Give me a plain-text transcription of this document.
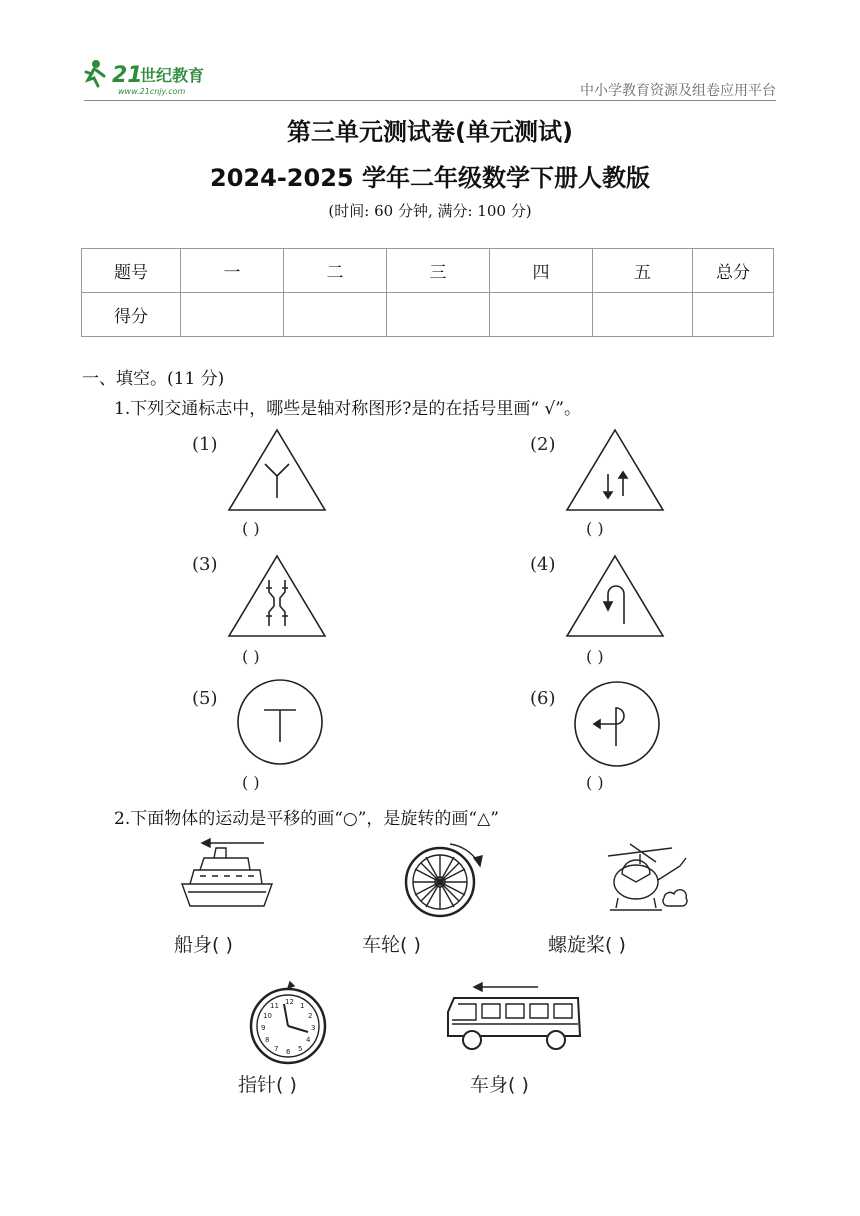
21
世纪教育
www.21cnjy.com	中小学教育资源及组卷应用平台
第三单元测试卷(单元测试)
2024-2025 学年二年级数学下册人教版
(时间: 60 分钟, 满分: 100 分)
题号	一	二	三	四	五	总分
得分						
一、填空。(11 分)
1.下列交通标志中，哪些是轴对称图形?是的在括号里画“ √”。
(1)
( )
(2)
( )
(3)
( )
(4)
( )
(5)
( )
(6)
( )
2.下面物体的运动是平移的画“○”，是旋转的画“△”
船身( )	车轮( )	螺旋桨( )
12 1
2
3
4
5
6
7
8
9
10
11
指针( )	车身( )
